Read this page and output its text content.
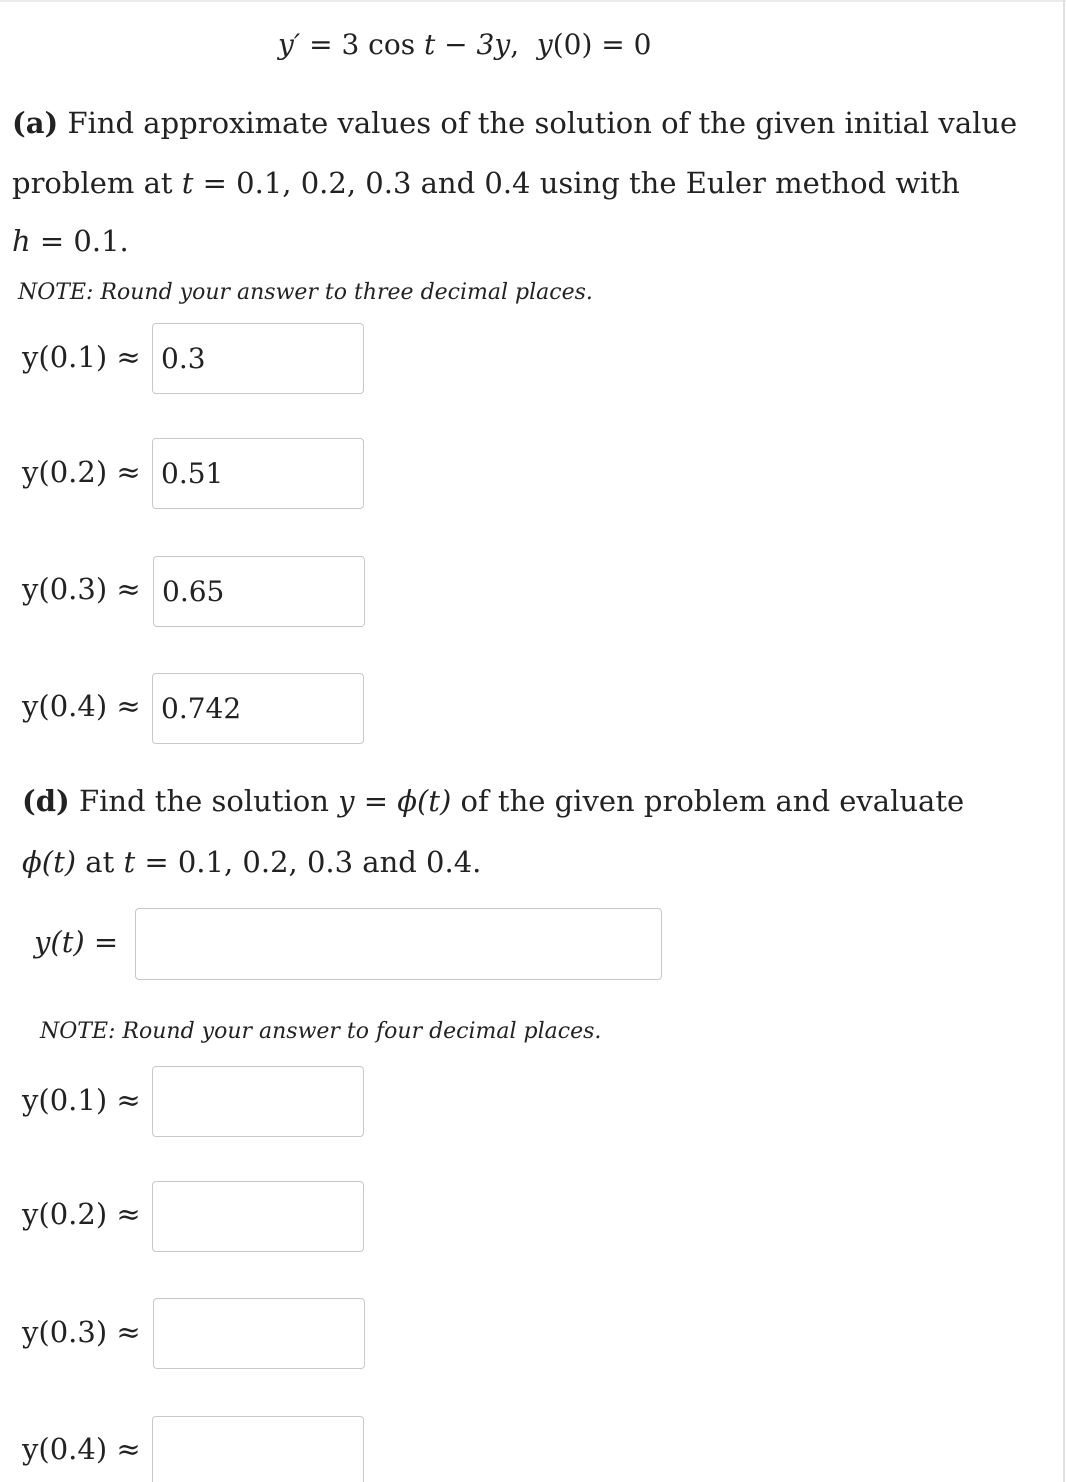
y′ = 3 cos t − 3y,  y(0) = 0
(a) Find approximate values of the solution of the given initial value
problem at t = 0.1, 0.2, 0.3 and 0.4 using the Euler method with
h = 0.1.
NOTE: Round your answer to three decimal places.
y(0.1) ≈
0.3
y(0.2) ≈
0.51
y(0.3) ≈
0.65
y(0.4) ≈
0.742
(d) Find the solution y = ϕ(t) of the given problem and evaluate
ϕ(t) at t = 0.1, 0.2, 0.3 and 0.4.
y(t) =
NOTE: Round your answer to four decimal places.
y(0.1) ≈
y(0.2) ≈
y(0.3) ≈
y(0.4) ≈
